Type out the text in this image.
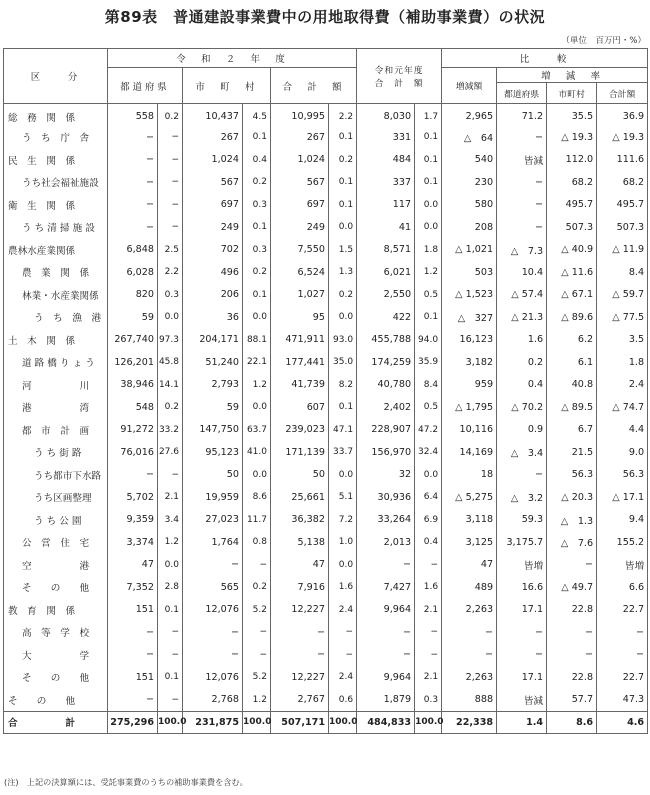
第89表　普通建設事業費中の用地取得費（補助事業費）の状況
（単位　百万円・%）
区　　分	令　和　２　年　度						令和元年度
合　計　額		比　　較			
	都道府県		市　町　村		合　計　額				増減額	増　減　率		
										都道府県	市町村	合計額

総　務　関　係	558	0.2	10,437	4.5	10,995	2.2	8,030	1.7	2,965	71.2	35.5	36.9

う　ち　庁　舎	−	−	267	0.1	267	0.1	331	0.1	△　64	−	△ 19.3	△ 19.3

民　生　関　係	−	−	1,024	0.4	1,024	0.2	484	0.1	540	皆減	112.0	111.6

うち社会福祉施設	−	−	567	0.2	567	0.1	337	0.1	230	−	68.2	68.2

衛　生　関　係	−	−	697	0.3	697	0.1	117	0.0	580	−	495.7	495.7

う ち 清 掃 施 設	−	−	249	0.1	249	0.0	41	0.0	208	−	507.3	507.3

農林水産業関係	6,848	2.5	702	0.3	7,550	1.5	8,571	1.8	△ 1,021	△　7.3	△ 40.9	△ 11.9

農　業　関　係	6,028	2.2	496	0.2	6,524	1.3	6,021	1.2	503	10.4	△ 11.6	8.4

林業・水産業関係	820	0.3	206	0.1	1,027	0.2	2,550	0.5	△ 1,523	△ 57.4	△ 67.1	△ 59.7

う　ち　漁　港	59	0.0	36	0.0	95	0.0	422	0.1	△　327	△ 21.3	△ 89.6	△ 77.5

土　木　関　係	267,740	97.3	204,171	88.1	471,911	93.0	455,788	94.0	16,123	1.6	6.2	3.5

道 路 橋 り ょ う	126,201	45.8	51,240	22.1	177,441	35.0	174,259	35.9	3,182	0.2	6.1	1.8

河　　　　　川	38,946	14.1	2,793	1.2	41,739	8.2	40,780	8.4	959	0.4	40.8	2.4

港　　　　　湾	548	0.2	59	0.0	607	0.1	2,402	0.5	△ 1,795	△ 70.2	△ 89.5	△ 74.7

都　市　計　画	91,272	33.2	147,750	63.7	239,023	47.1	228,907	47.2	10,116	0.9	6.7	4.4

う ち 街 路	76,016	27.6	95,123	41.0	171,139	33.7	156,970	32.4	14,169	△　3.4	21.5	9.0

うち都市下水路	−	−	50	0.0	50	0.0	32	0.0	18	−	56.3	56.3

うち区画整理	5,702	2.1	19,959	8.6	25,661	5.1	30,936	6.4	△ 5,275	△　3.2	△ 20.3	△ 17.1

う ち 公 園	9,359	3.4	27,023	11.7	36,382	7.2	33,264	6.9	3,118	59.3	△　1.3	9.4

公　営　住　宅	3,374	1.2	1,764	0.8	5,138	1.0	2,013	0.4	3,125	3,175.7	△　7.6	155.2

空　　　　　港	47	0.0	−	−	47	0.0	−	−	47	皆増	−	皆増

そ　　の　　他	7,352	2.8	565	0.2	7,916	1.6	7,427	1.6	489	16.6	△ 49.7	6.6

教　育　関　係	151	0.1	12,076	5.2	12,227	2.4	9,964	2.1	2,263	17.1	22.8	22.7

高　等　学　校	−	−	−	−	−	−	−	−	−	−	−	−

大　　　　　学	−	−	−	−	−	−	−	−	−	−	−	−

そ　　の　　他	151	0.1	12,076	5.2	12,227	2.4	9,964	2.1	2,263	17.1	22.8	22.7

そ　　の　　他	−	−	2,768	1.2	2,767	0.6	1,879	0.3	888	皆減	57.7	47.3

合　　　　　計	275,296	100.0	231,875	100.0	507,171	100.0	484,833	100.0	22,338	1.4	8.6	4.6
(注)　上記の決算額には、受託事業費のうちの補助事業費を含む。
